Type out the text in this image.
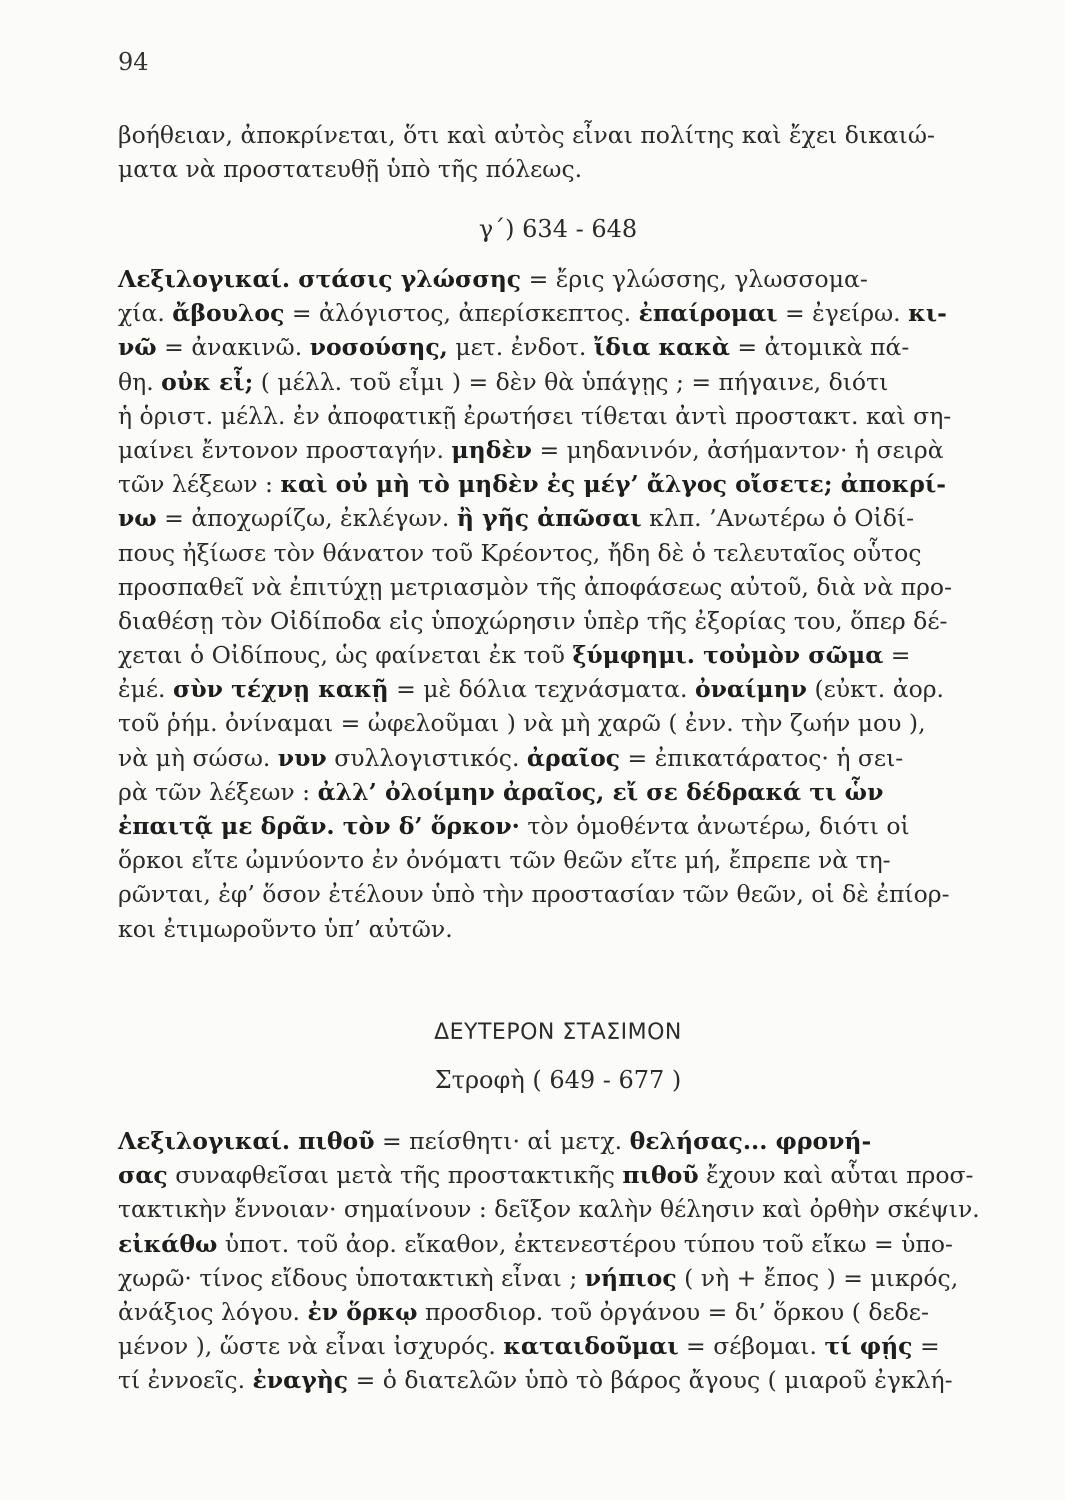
94
βοήθειαν, ἀποκρίνεται, ὅτι καὶ αὐτὸς εἶναι πολίτης καὶ ἔχει δικαιώ-
ματα νὰ προστατευθῇ ὑπὸ τῆς πόλεως.
γ΄) 634 - 648
Λεξιλογικαί. στάσις γλώσσης = ἔρις γλώσσης, γλωσσομα-
χία. ἄβουλος = ἀλόγιστος, ἀπερίσκεπτος. ἐπαίρομαι = ἐγείρω. κι-
νῶ = ἀνακινῶ. νοσούσης, μετ. ἐνδοτ. ἴδια κακὰ = ἀτομικὰ πά-
θη. οὐκ εἶ; ( μέλλ. τοῦ εἶμι ) = δὲν θὰ ὑπάγῃς ; = πήγαινε, διότι
ἡ ὁριστ. μέλλ. ἐν ἀποφατικῇ ἐρωτήσει τίθεται ἀντὶ προστακτ. καὶ ση-
μαίνει ἔντονον προσταγήν. μηδὲν = μηδανινόν, ἀσήμαντον· ἡ σειρὰ
τῶν λέξεων : καὶ οὐ μὴ τὸ μηδὲν ἐς μέγ’ ἄλγος οἴσετε; ἀποκρί-
νω = ἀποχωρίζω, ἐκλέγων. ἢ γῆς ἀπῶσαι κλπ. ’Ανωτέρω ὁ Οἰδί-
πους ἠξίωσε τὸν θάνατον τοῦ Κρέοντος, ἤδη δὲ ὁ τελευταῖος οὗτος
προσπαθεῖ νὰ ἐπιτύχῃ μετριασμὸν τῆς ἀποφάσεως αὐτοῦ, διὰ νὰ προ-
διαθέσῃ τὸν Οἰδίποδα εἰς ὑποχώρησιν ὑπὲρ τῆς ἐξορίας του, ὅπερ δέ-
χεται ὁ Οἰδίπους, ὡς φαίνεται ἐκ τοῦ ξύμφημι. τοὐμὸν σῶμα =
ἐμέ. σὺν τέχνῃ κακῇ = μὲ δόλια τεχνάσματα. ὀναίμην (εὐκτ. ἀορ.
τοῦ ῥήμ. ὀνίναμαι = ὠφελοῦμαι ) νὰ μὴ χαρῶ ( ἐνν. τὴν ζωήν μου ),
νὰ μὴ σώσω. νυν συλλογιστικός. ἀραῖος = ἐπικατάρατος· ἡ σει-
ρὰ τῶν λέξεων : ἀλλ’ ὀλοίμην ἀραῖος, εἴ σε δέδρακά τι ὧν
ἐπαιτᾷ με δρᾶν. τὸν δ’ ὅρκον· τὸν ὁμοθέντα ἀνωτέρω, διότι οἱ
ὅρκοι εἴτε ὠμνύοντο ἐν ὀνόματι τῶν θεῶν εἴτε μή, ἔπρεπε νὰ τη-
ρῶνται, ἐφ’ ὅσον ἐτέλουν ὑπὸ τὴν προστασίαν τῶν θεῶν, οἱ δὲ ἐπίορ-
κοι ἐτιμωροῦντο ὑπ’ αὐτῶν.
ΔΕΥΤΕΡΟΝ ΣΤΑΣΙΜΟΝ
Στροφὴ ( 649 - 677 )
Λεξιλογικαί. πιθοῦ = πείσθητι· αἱ μετχ. θελήσας... φρονή-
σας συναφθεῖσαι μετὰ τῆς προστακτικῆς πιθοῦ ἔχουν καὶ αὗται προσ-
τακτικὴν ἔννοιαν· σημαίνουν : δεῖξον καλὴν θέλησιν καὶ ὀρθὴν σκέψιν.
εἰκάθω ὑποτ. τοῦ ἀορ. εἴκαθον, ἐκτενεστέρου τύπου τοῦ εἴκω = ὑπο-
χωρῶ· τίνος εἴδους ὑποτακτικὴ εἶναι ; νήπιος ( νὴ + ἔπος ) = μικρός,
ἀνάξιος λόγου. ἐν ὅρκῳ προσδιορ. τοῦ ὀργάνου = δι’ ὅρκου ( δεδε-
μένον ), ὥστε νὰ εἶναι ἰσχυρός. καταιδοῦμαι = σέβομαι. τί φῄς =
τί ἐννοεῖς. ἐναγὴς = ὁ διατελῶν ὑπὸ τὸ βάρος ἄγους ( μιαροῦ ἐγκλή-
